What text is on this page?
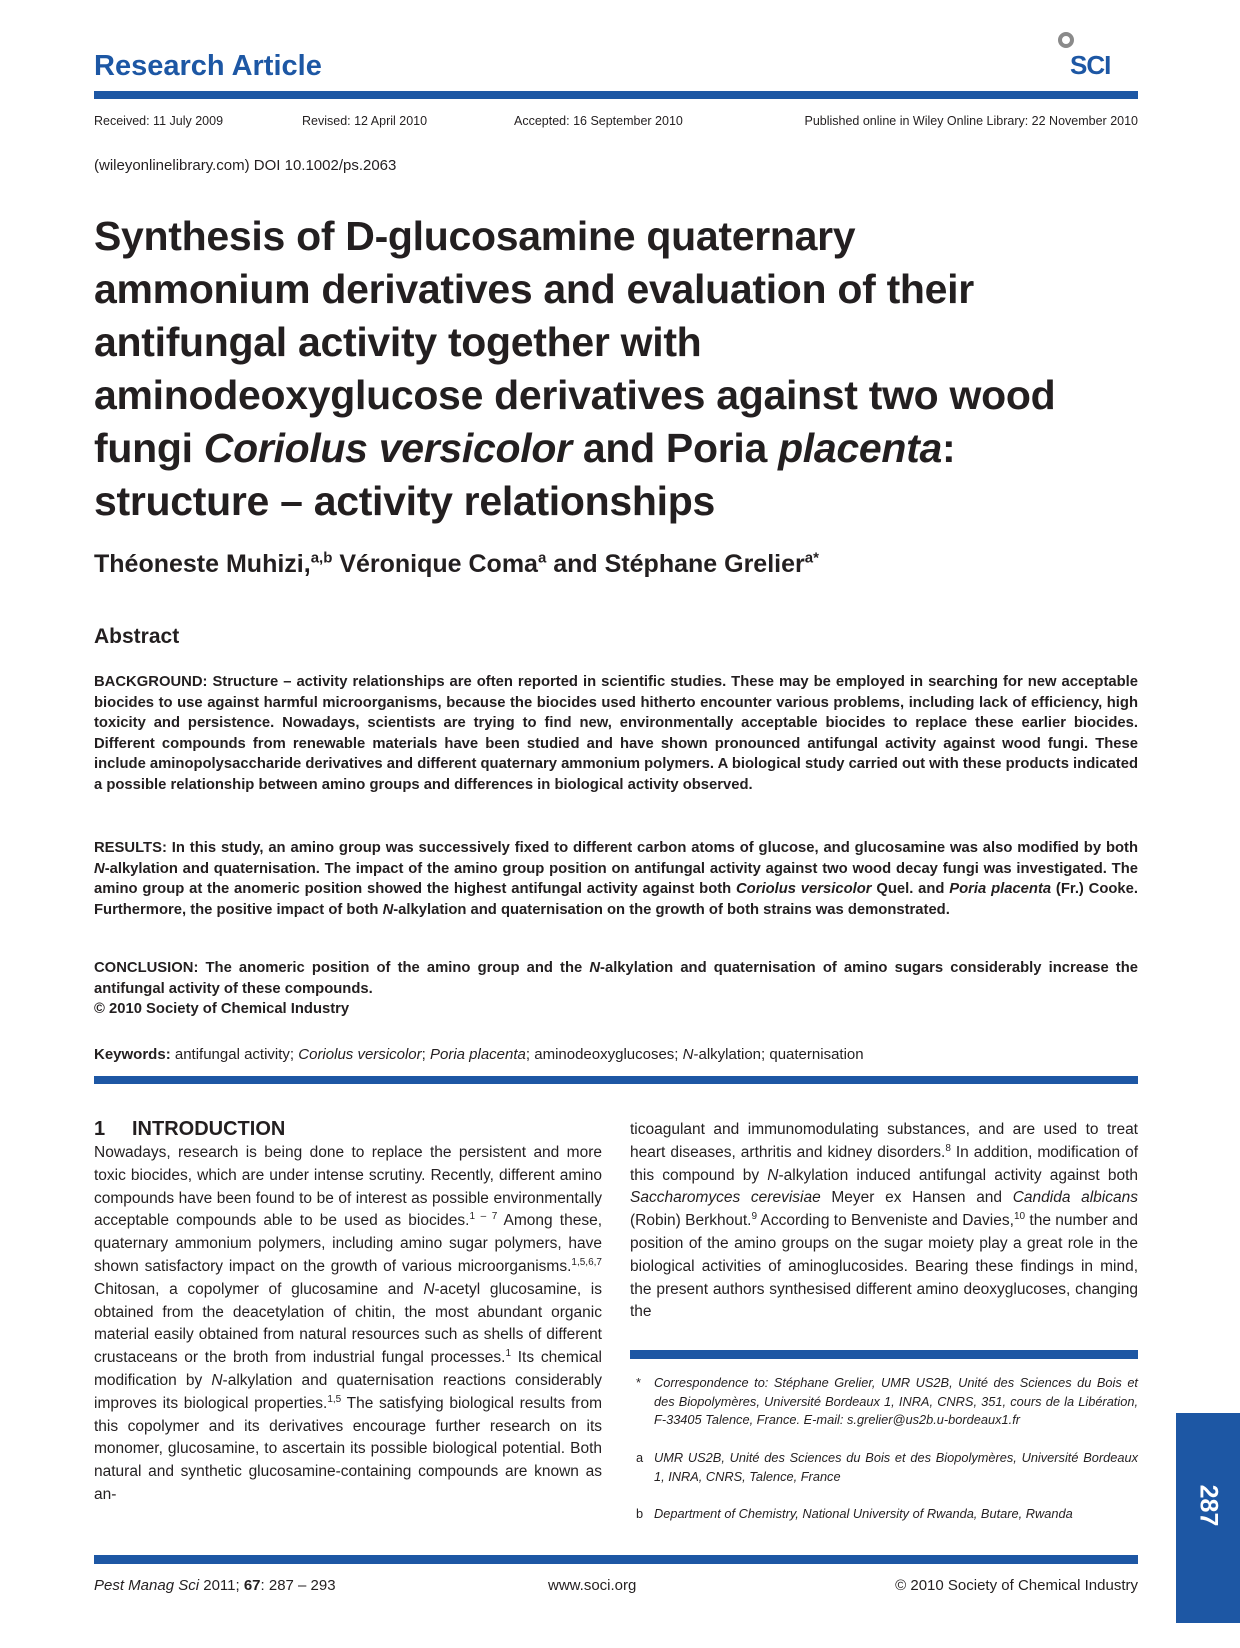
Research Article	SCI
Received: 11 July 2009	Revised: 12 April 2010	Accepted: 16 September 2010	Published online in Wiley Online Library: 22 November 2010
(wileyonlinelibrary.com) DOI 10.1002/ps.2063
Synthesis of D-glucosamine quaternary
ammonium derivatives and evaluation of their
antifungal activity together with
aminodeoxyglucose derivatives against two wood
fungi Coriolus versicolor and Poria placenta:
structure – activity relationships
Théoneste Muhizi,$^{a,b}$ Véronique Coma$^a$ and Stéphane Grelier$^{a*}$
Abstract
BACKGROUND: Structure – activity relationships are often reported in scientific studies. These may be employed in searching for new acceptable biocides to use against harmful microorganisms, because the biocides used hitherto encounter various problems, including lack of efficiency, high toxicity and persistence. Nowadays, scientists are trying to find new, environmentally acceptable biocides to replace these earlier biocides. Different compounds from renewable materials have been studied and have shown pronounced antifungal activity against wood fungi. These include aminopolysaccharide derivatives and different quaternary ammonium polymers. A biological study carried out with these products indicated a possible relationship between amino groups and differences in biological activity observed.
RESULTS: In this study, an amino group was successively fixed to different carbon atoms of glucose, and glucosamine was also modified by both N-alkylation and quaternisation. The impact of the amino group position on antifungal activity against two wood decay fungi was investigated. The amino group at the anomeric position showed the highest antifungal activity against both Coriolus versicolor Quel. and Poria placenta (Fr.) Cooke. Furthermore, the positive impact of both N-alkylation and quaternisation on the growth of both strains was demonstrated.
CONCLUSION: The anomeric position of the amino group and the N-alkylation and quaternisation of amino sugars considerably increase the antifungal activity of these compounds.
© 2010 Society of Chemical Industry
Keywords: antifungal activity; Coriolus versicolor; Poria placenta; aminodeoxyglucoses; N-alkylation; quaternisation
1 INTRODUCTION

Nowadays, research is being done to replace the persistent and more toxic biocides, which are under intense scrutiny. Recently, different amino compounds have been found to be of interest as possible environmentally acceptable compounds able to be used as biocides.$^{1 - 7}$ Among these, quaternary ammonium polymers, including amino sugar polymers, have shown satisfactory impact on the growth of various microorganisms.$^{1,5,6,7}$ Chitosan, a copolymer of glucosamine and N-acetyl glucosamine, is obtained from the deacetylation of chitin, the most abundant organic material easily obtained from natural resources such as shells of different crustaceans or the broth from industrial fungal processes.$^1$ Its chemical modification by N-alkylation and quaternisation reactions considerably improves its biological properties.$^{1,5}$ The satisfying biological results from this copolymer and its derivatives encourage further research on its monomer, glucosamine, to ascertain its possible biological potential. Both natural and synthetic glucosamine-containing compounds are known as an-

ticoagulant and immunomodulating substances, and are used to treat heart diseases, arthritis and kidney disorders.$^8$ In addition, modification of this compound by N-alkylation induced antifungal activity against both Saccharomyces cerevisiae Meyer ex Hansen and Candida albicans (Robin) Berkhout.$^9$ According to Benveniste and Davies,$^{10}$ the number and position of the amino groups on the sugar moiety play a great role in the biological activities of aminoglucosides. Bearing these findings in mind, the present authors synthesised different amino deoxyglucoses, changing the

* Correspondence to: Stéphane Grelier, UMR US2B, Unité des Sciences du Bois et des Biopolymères, Université Bordeaux 1, INRA, CNRS, 351, cours de la Libération, F-33405 Talence, France. E-mail: s.grelier@us2b.u-bordeaux1.fr
a UMR US2B, Unité des Sciences du Bois et des Biopolymères, Université Bordeaux 1, INRA, CNRS, Talence, France
b Department of Chemistry, National University of Rwanda, Butare, Rwanda	287
Pest Manag Sci 2011; 67: 287 – 293	www.soci.org	© 2010 Society of Chemical Industry
